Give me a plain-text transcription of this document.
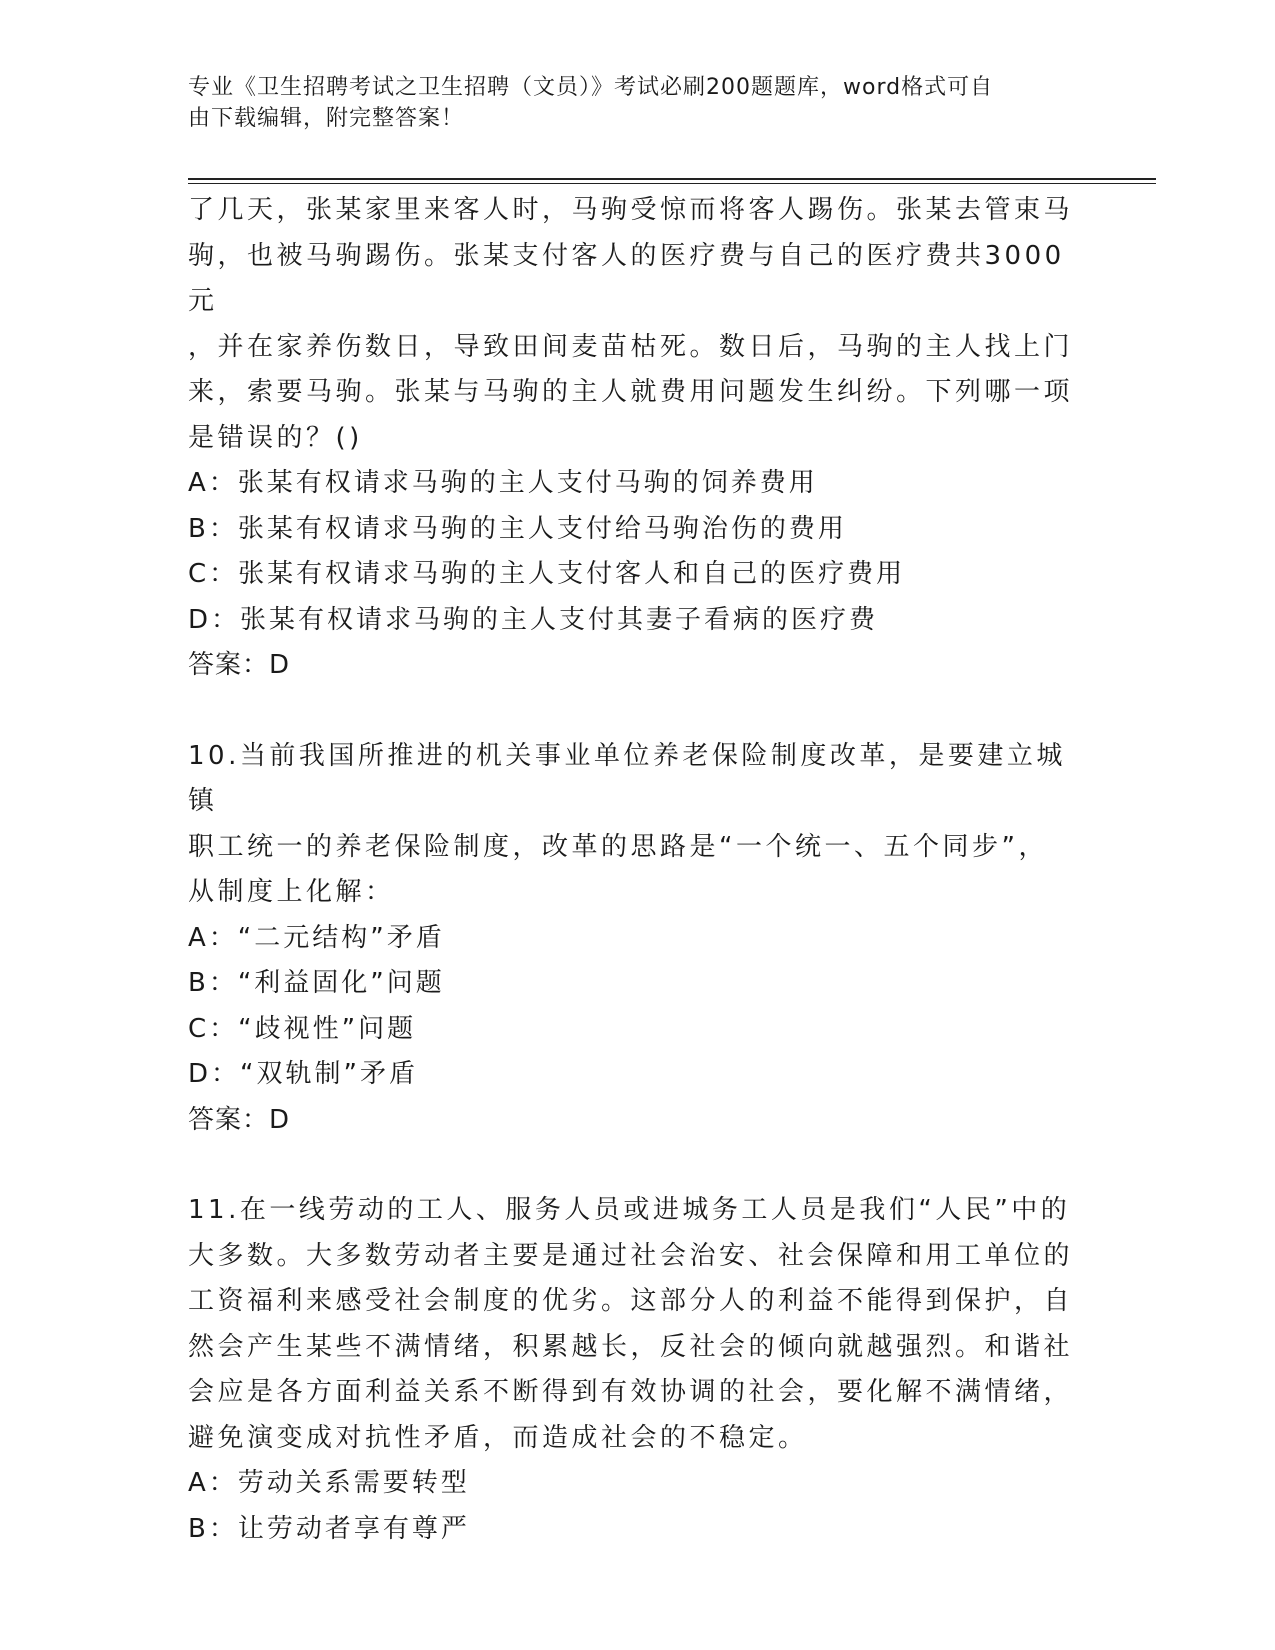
专业《卫生招聘考试之卫生招聘（文员）》考试必刷200题题库，word格式可自
由下载编辑，附完整答案！

了几天，张某家里来客人时，马驹受惊而将客人踢伤。张某去管束马

驹，也被马驹踢伤。张某支付客人的医疗费与自己的医疗费共3000元

，并在家养伤数日，导致田间麦苗枯死。数日后，马驹的主人找上门

来，索要马驹。张某与马驹的主人就费用问题发生纠纷。下列哪一项

是错误的？()

A：张某有权请求马驹的主人支付马驹的饲养费用

B：张某有权请求马驹的主人支付给马驹治伤的费用

C：张某有权请求马驹的主人支付客人和自己的医疗费用

D：张某有权请求马驹的主人支付其妻子看病的医疗费

答案：D

10.当前我国所推进的机关事业单位养老保险制度改革，是要建立城镇

职工统一的养老保险制度，改革的思路是“一个统一、五个同步”，

从制度上化解：

A：“二元结构”矛盾

B：“利益固化”问题

C：“歧视性”问题

D：“双轨制”矛盾

答案：D

11.在一线劳动的工人、服务人员或进城务工人员是我们“人民”中的

大多数。大多数劳动者主要是通过社会治安、社会保障和用工单位的

工资福利来感受社会制度的优劣。这部分人的利益不能得到保护，自

然会产生某些不满情绪，积累越长，反社会的倾向就越强烈。和谐社

会应是各方面利益关系不断得到有效协调的社会，要化解不满情绪，

避免演变成对抗性矛盾，而造成社会的不稳定。

A：劳动关系需要转型

B：让劳动者享有尊严
